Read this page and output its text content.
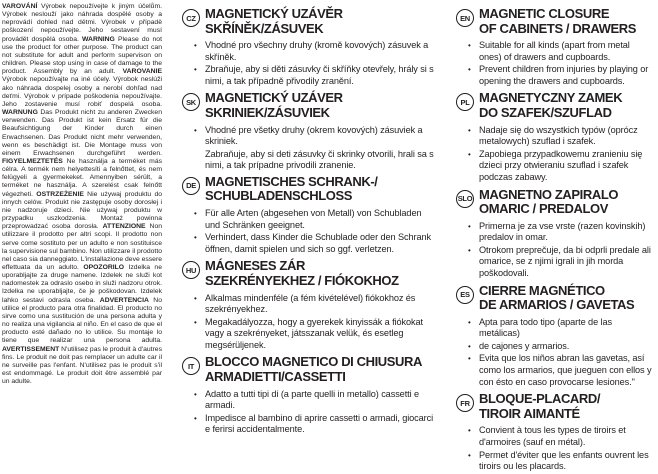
VAROVÁNÍ Výrobek nepoužívejte k jiným účelům. Výrobek neslouží jako náhrada dospělé osoby a neprovádí dohled nad dětmi. Výrobek v případě poškození nepoužívejte. Jeho sestavení musí provádět dospělá osoba. WARNING Please do not use the product for other purpose. The product can not substitute for adult and perform supervison on children. Please stop using in case of damage to the product. Assembly by an adult. VAROVANIE Výrobok nepoužívajte na iné účely. Výrobok neslúži ako náhrada dospelej osoby a nerobí dohľad nad deťmi. Výrobok v prípade poškodenia nepoužívajte. Jeho zostavenie musí robiť dospelá osoba. WARNUNG Das Produkt nicht zu anderen Zwecken verwenden. Das Produkt ist kein Ersatz für die Beaufsichtigung der Kinder durch einen Erwachsenen. Das Produkt nicht mehr verwenden, wenn es beschädigt ist. Die Montage muss von einem Erwachsenen durchgeführt werden. FIGYELMEZTETÉS Ne használja a terméket más célra. A termék nem helyettesíti a felnőttet, és nem felügyeli a gyermekeket. Amennyiben sérült, a terméket ne használja. A szerelést csak felnőtt végezheti. OSTRZEŻENIE Nie używaj produktu do innych celów. Produkt nie zastępuje osoby dorosłej i nie nadzoruje dzieci. Nie używaj produktu w przypadku uszkodzenia. Montaż powinna przeprowadzać osoba dorosła. ATTENZIONE Non utilizzare il prodotto per altri scopi. Il prodotto non serve come sostituto per un adulto e non sostituisce la supervisione sul bambino. Non utilizzare il prodotto nel caso sia danneggiato. L'installazione deve essere effettuata da un adulto. OPOZORILO Izdelka ne uporabljajte za druge namene. Izdelek ne služi kot nadomestek za odraslo osebo in služi nadzoru otrok. Izdelka ne uporabljajte, če je poškodovan. Izdelek lahko sestavi odrasla oseba. ADVERTENCIA No utilice el producto para otra finalidad. El producto no sirve como una sustitución de una persona adulta y no realiza una vigilancia al niño. En el caso de que el producto esté dañado no lo utilice. Su montaje lo tiene que realizar una persona adulta. AVERTISSEMENT N'utilisez pas le produit à d'autres fins. Le produit ne doit pas remplacer un adulte car il ne surveille pas l'enfant. N'utilisez pas le produit s'il est endommagé. Le produit doit être assemblé par un adulte.
CZ MAGNETICKÝ UZÁVĚR
SKŘÍNĚK/ZÁSUVEK
• Vhodné pro všechny druhy (kromě kovových) zásuvek a skříněk.
• Zbraňuje, aby si děti zásuvky či skříňky otevřely, hrály si s nimi, a tak případně přivodily zranění.
SK MAGNETICKÝ UZÁVER
SKRINIEK/ZÁSUVIEK
• Vhodné pre všetky druhy (okrem kovových) zásuviek a skriniek.

Zabraňuje, aby si deti zásuvky či skrinky otvorili, hrali sa s nimi, a tak prípadne privodili zranenie.

DE MAGNETISCHES SCHRANK-/
SCHUBLADENSCHLOSS
• Für alle Arten (abgesehen von Metall) von Schubladen und Schränken geeignet.
• Verhindert, dass Kinder die Schublade oder den Schrank öffnen, damit spielen und sich so ggf. verletzen.
HU MÁGNESES ZÁR
SZEKRÉNYEKHEZ / FIÓKOKHOZ
• Alkalmas mindenféle (a fém kivételével) fiókokhoz és szekrényekhez.
• Megakadályozza, hogy a gyerekek kinyissák a fiókokat vagy a szekrényeket, játsszanak velük, és esetleg megsérüljenek.
IT BLOCCO MAGNETICO DI CHIUSURA
ARMADIETTI/CASSETTI
• Adatto a tutti tipi di (a parte quelli in metallo) cassetti e armadi.
• Impedisce al bambino di aprire cassetti o armadi, giocarci e ferirsi accidentalmente.
EN MAGNETIC CLOSURE
OF CABINETS / DRAWERS
• Suitable for all kinds (apart from metal ones) of drawers and cupboards.
• Prevent children from injuries by playing or opening the drawers and cupboards.
PL MAGNETYCZNY ZAMEK
DO SZAFEK/SZUFLAD
• Nadaje się do wszystkich typów (oprócz metalowych) szuflad i szafek.
• Zapobiega przypadkowemu zranieniu się dzieci przy otwieraniu szuflad i szafek podczas zabawy.
SLO MAGNETNO ZAPIRALO
OMARIC / PREDALOV
• Primerna je za vse vrste (razen kovinskih) predalov in omar.
• Otrokom preprečuje, da bi odprli predale ali omarice, se z njimi igrali in jih morda poškodovali.
ES CIERRE MAGNÉTICO
DE ARMARIOS / GAVETAS
• Apta para todo tipo (aparte de las metálicas)
• de cajones y armarios.
• Evita que los niños abran las gavetas, así como los armarios, que jueguen con ellos y con ésto en caso provocarse lesiones."
FR BLOQUE-PLACARD/
TIROIR AIMANTÉ
• Convient à tous les types de tiroirs et d'armoires (sauf en métal).
• Permet d'éviter que les enfants ouvrent les tiroirs ou les placards.
